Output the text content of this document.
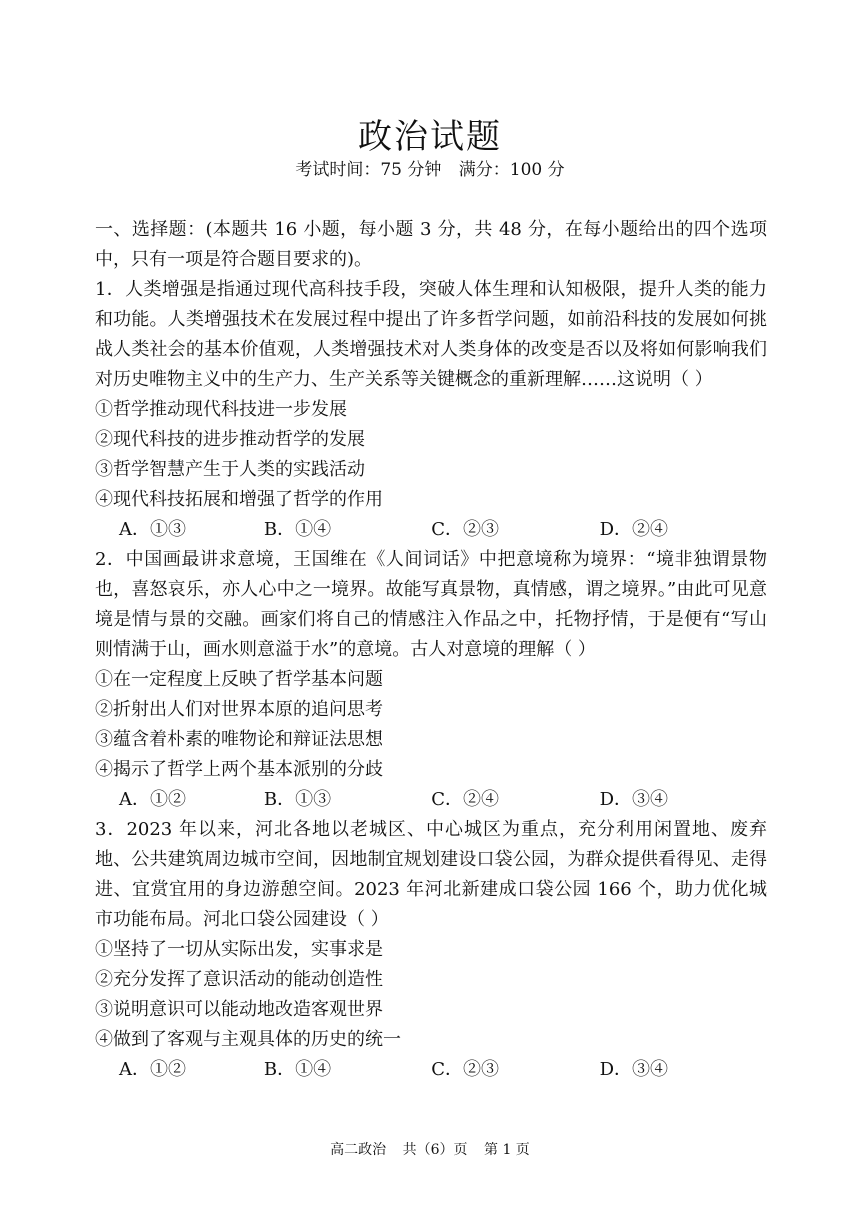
政治试题
考试时间：75 分钟 满分：100 分

一、选择题：(本题共 16 小题，每小题 3 分，共 48 分，在每小题给出的四个选项中，只有一项是符合题目要求的)。

1．人类增强是指通过现代高科技手段，突破人体生理和认知极限，提升人类的能力和功能。人类增强技术在发展过程中提出了许多哲学问题，如前沿科技的发展如何挑战人类社会的基本价值观，人类增强技术对人类身体的改变是否以及将如何影响我们对历史唯物主义中的生产力、生产关系等关键概念的重新理解……这说明（ ）

①哲学推动现代科技进一步发展

②现代科技的进步推动哲学的发展

③哲学智慧产生于人类的实践活动

④现代科技拓展和增强了哲学的作用

A．①③	B．①④	C．②③	D．②④

2．中国画最讲求意境，王国维在《人间词话》中把意境称为境界：“境非独谓景物也，喜怒哀乐，亦人心中之一境界。故能写真景物，真情感，谓之境界。”由此可见意境是情与景的交融。画家们将自己的情感注入作品之中，托物抒情，于是便有“写山则情满于山，画水则意溢于水”的意境。古人对意境的理解（ ）

①在一定程度上反映了哲学基本问题

②折射出人们对世界本原的追问思考

③蕴含着朴素的唯物论和辩证法思想

④揭示了哲学上两个基本派别的分歧

A．①②	B．①③	C．②④	D．③④

3．2023 年以来，河北各地以老城区、中心城区为重点，充分利用闲置地、废弃地、公共建筑周边城市空间，因地制宜规划建设口袋公园，为群众提供看得见、走得进、宜赏宜用的身边游憩空间。2023 年河北新建成口袋公园 166 个，助力优化城市功能布局。河北口袋公园建设（ ）

①坚持了一切从实际出发，实事求是

②充分发挥了意识活动的能动创造性

③说明意识可以能动地改造客观世界

④做到了客观与主观具体的历史的统一

A．①②	B．①④	C．②③	D．③④
高二政治 共（6）页 第 1 页
